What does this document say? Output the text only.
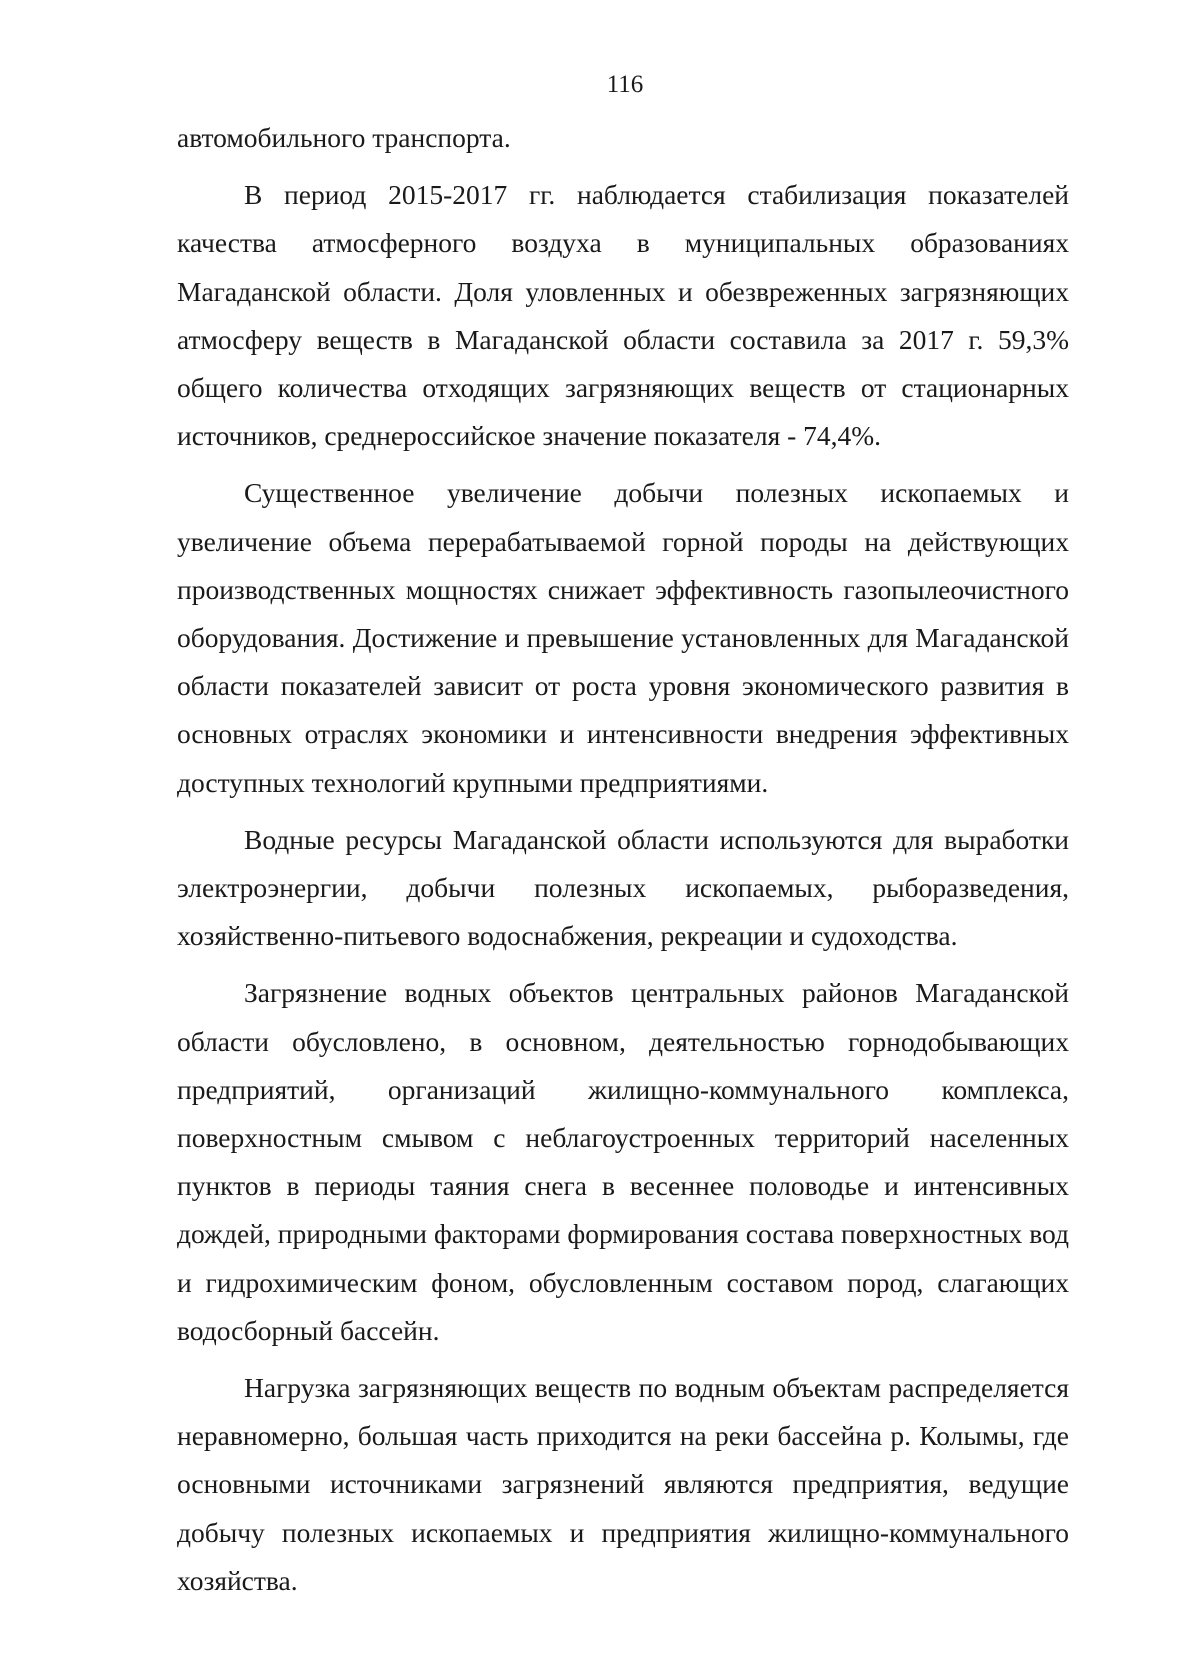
116

автомобильного транспорта.

В период 2015-2017 гг. наблюдается стабилизация показателей качества атмосферного воздуха в муниципальных образованиях Магаданской области. Доля уловленных и обезвреженных загрязняющих атмосферу веществ в Магаданской области составила за 2017 г. 59,3% общего количества отходящих загрязняющих веществ от стационарных источников, среднероссийское значение показателя - 74,4%.

Существенное увеличение добычи полезных ископаемых и увеличение объема перерабатываемой горной породы на действующих производственных мощностях снижает эффективность газопылеочистного оборудования. Достижение и превышение установленных для Магаданской области показателей зависит от роста уровня экономического развития в основных отраслях экономики и интенсивности внедрения эффективных доступных технологий крупными предприятиями.

Водные ресурсы Магаданской области используются для выработки электроэнергии, добычи полезных ископаемых, рыборазведения, хозяйственно-питьевого водоснабжения, рекреации и судоходства.

Загрязнение водных объектов центральных районов Магаданской области обусловлено, в основном, деятельностью горнодобывающих предприятий, организаций жилищно-коммунального комплекса, поверхностным смывом с неблагоустроенных территорий населенных пунктов в периоды таяния снега в весеннее половодье и интенсивных дождей, природными факторами формирования состава поверхностных вод и гидрохимическим фоном, обусловленным составом пород, слагающих водосборный бассейн.

Нагрузка загрязняющих веществ по водным объектам распределяется неравномерно, большая часть приходится на реки бассейна р. Колымы, где основными источниками загрязнений являются предприятия, ведущие добычу полезных ископаемых и предприятия жилищно-коммунального хозяйства.
